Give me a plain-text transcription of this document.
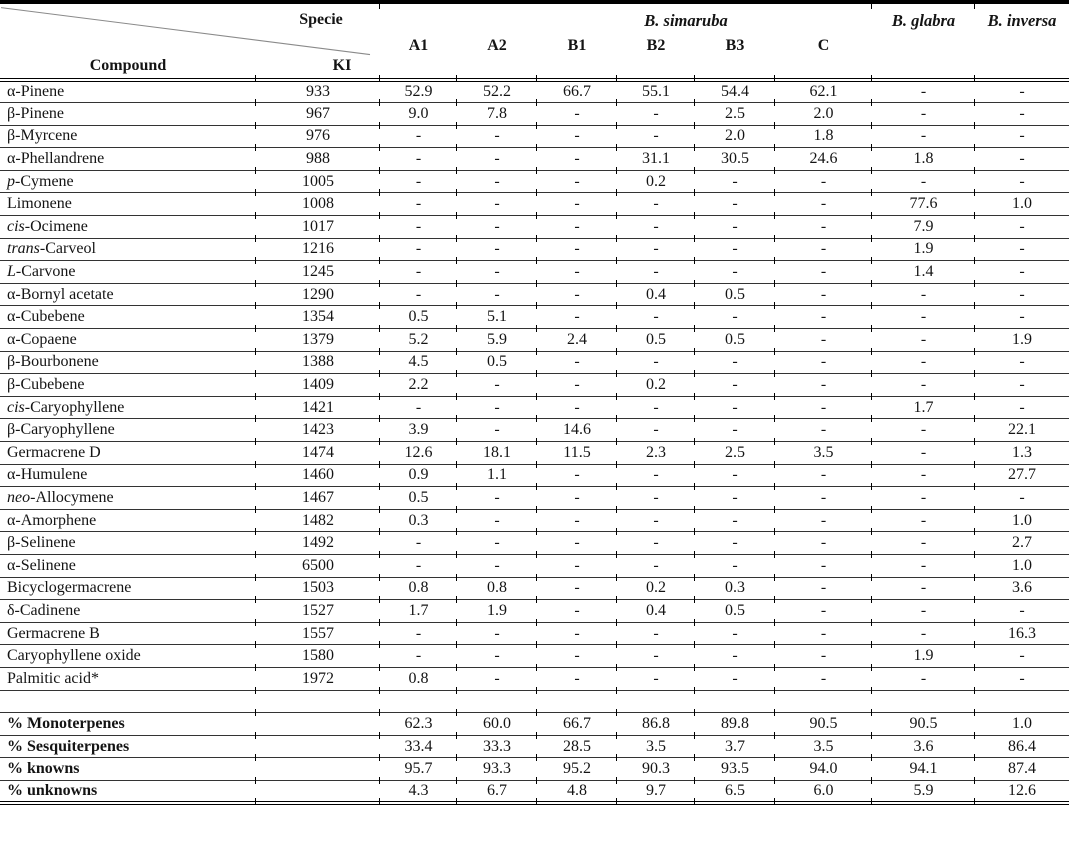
Specie
Compound KI		B. simaruba						B. glabra	B. inversa
		A1	A2	B1	B2	B3	C		
α-Pinene	933	52.9	52.2	66.7	55.1	54.4	62.1	-	-
β-Pinene	967	9.0	7.8	-	-	2.5	2.0	-	-
β-Myrcene	976	-	-	-	-	2.0	1.8	-	-
α-Phellandrene	988	-	-	-	31.1	30.5	24.6	1.8	-
p-Cymene	1005	-	-	-	0.2	-	-	-	-
Limonene	1008	-	-	-	-	-	-	77.6	1.0
cis-Ocimene	1017	-	-	-	-	-	-	7.9	-
trans-Carveol	1216	-	-	-	-	-	-	1.9	-
L-Carvone	1245	-	-	-	-	-	-	1.4	-
α-Bornyl acetate	1290	-	-	-	0.4	0.5	-	-	-
α-Cubebene	1354	0.5	5.1	-	-	-	-	-	-
α-Copaene	1379	5.2	5.9	2.4	0.5	0.5	-	-	1.9
β-Bourbonene	1388	4.5	0.5	-	-	-	-	-	-
β-Cubebene	1409	2.2	-	-	0.2	-	-	-	-
cis-Caryophyllene	1421	-	-	-	-	-	-	1.7	-
β-Caryophyllene	1423	3.9	-	14.6	-	-	-	-	22.1
Germacrene D	1474	12.6	18.1	11.5	2.3	2.5	3.5	-	1.3
α-Humulene	1460	0.9	1.1	-	-	-	-	-	27.7
neo-Allocymene	1467	0.5	-	-	-	-	-	-	-
α-Amorphene	1482	0.3	-	-	-	-	-	-	1.0
β-Selinene	1492	-	-	-	-	-	-	-	2.7
α-Selinene	6500	-	-	-	-	-	-	-	1.0
Bicyclogermacrene	1503	0.8	0.8	-	0.2	0.3	-	-	3.6
δ-Cadinene	1527	1.7	1.9	-	0.4	0.5	-	-	-
Germacrene B	1557	-	-	-	-	-	-	-	16.3
Caryophyllene oxide	1580	-	-	-	-	-	-	1.9	-
Palmitic acid*	1972	0.8	-	-	-	-	-	-	-

% Monoterpenes		62.3	60.0	66.7	86.8	89.8	90.5	90.5	1.0
% Sesquiterpenes		33.4	33.3	28.5	3.5	3.7	3.5	3.6	86.4
% knowns		95.7	93.3	95.2	90.3	93.5	94.0	94.1	87.4
% unknowns		4.3	6.7	4.8	9.7	6.5	6.0	5.9	12.6
